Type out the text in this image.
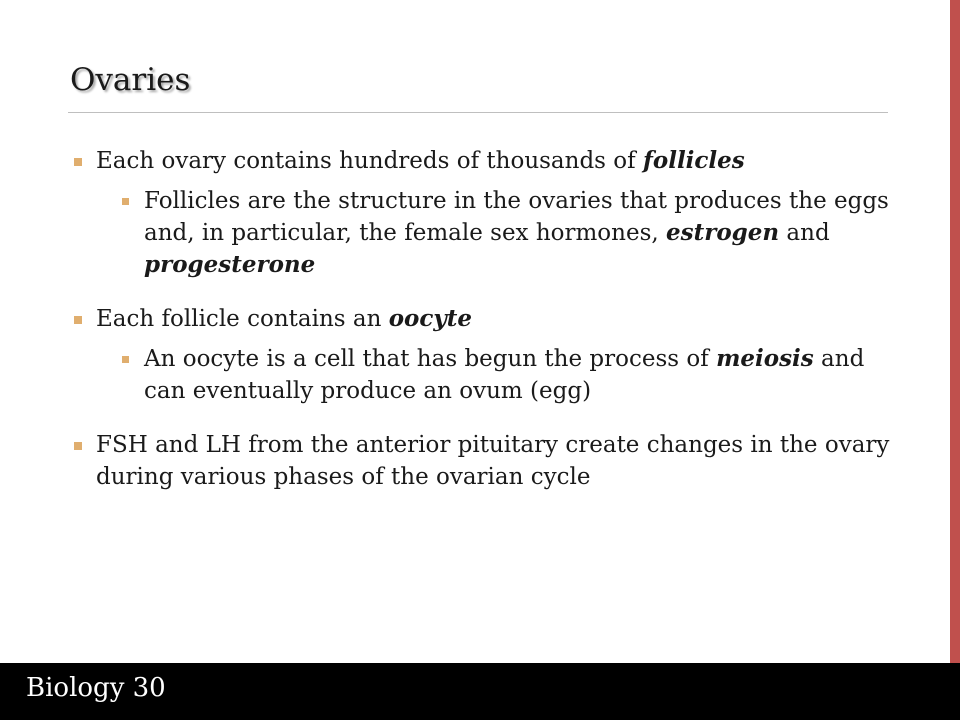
Ovaries
Each ovary contains hundreds of thousands of follicles
Follicles are the structure in the ovaries that produces the eggs and, in particular, the female sex hormones, estrogen and progesterone
Each follicle contains an oocyte
An oocyte is a cell that has begun the process of meiosis and can eventually produce an ovum (egg)
FSH and LH from the anterior pituitary create changes in the ovary during various phases of the ovarian cycle
Biology 30
